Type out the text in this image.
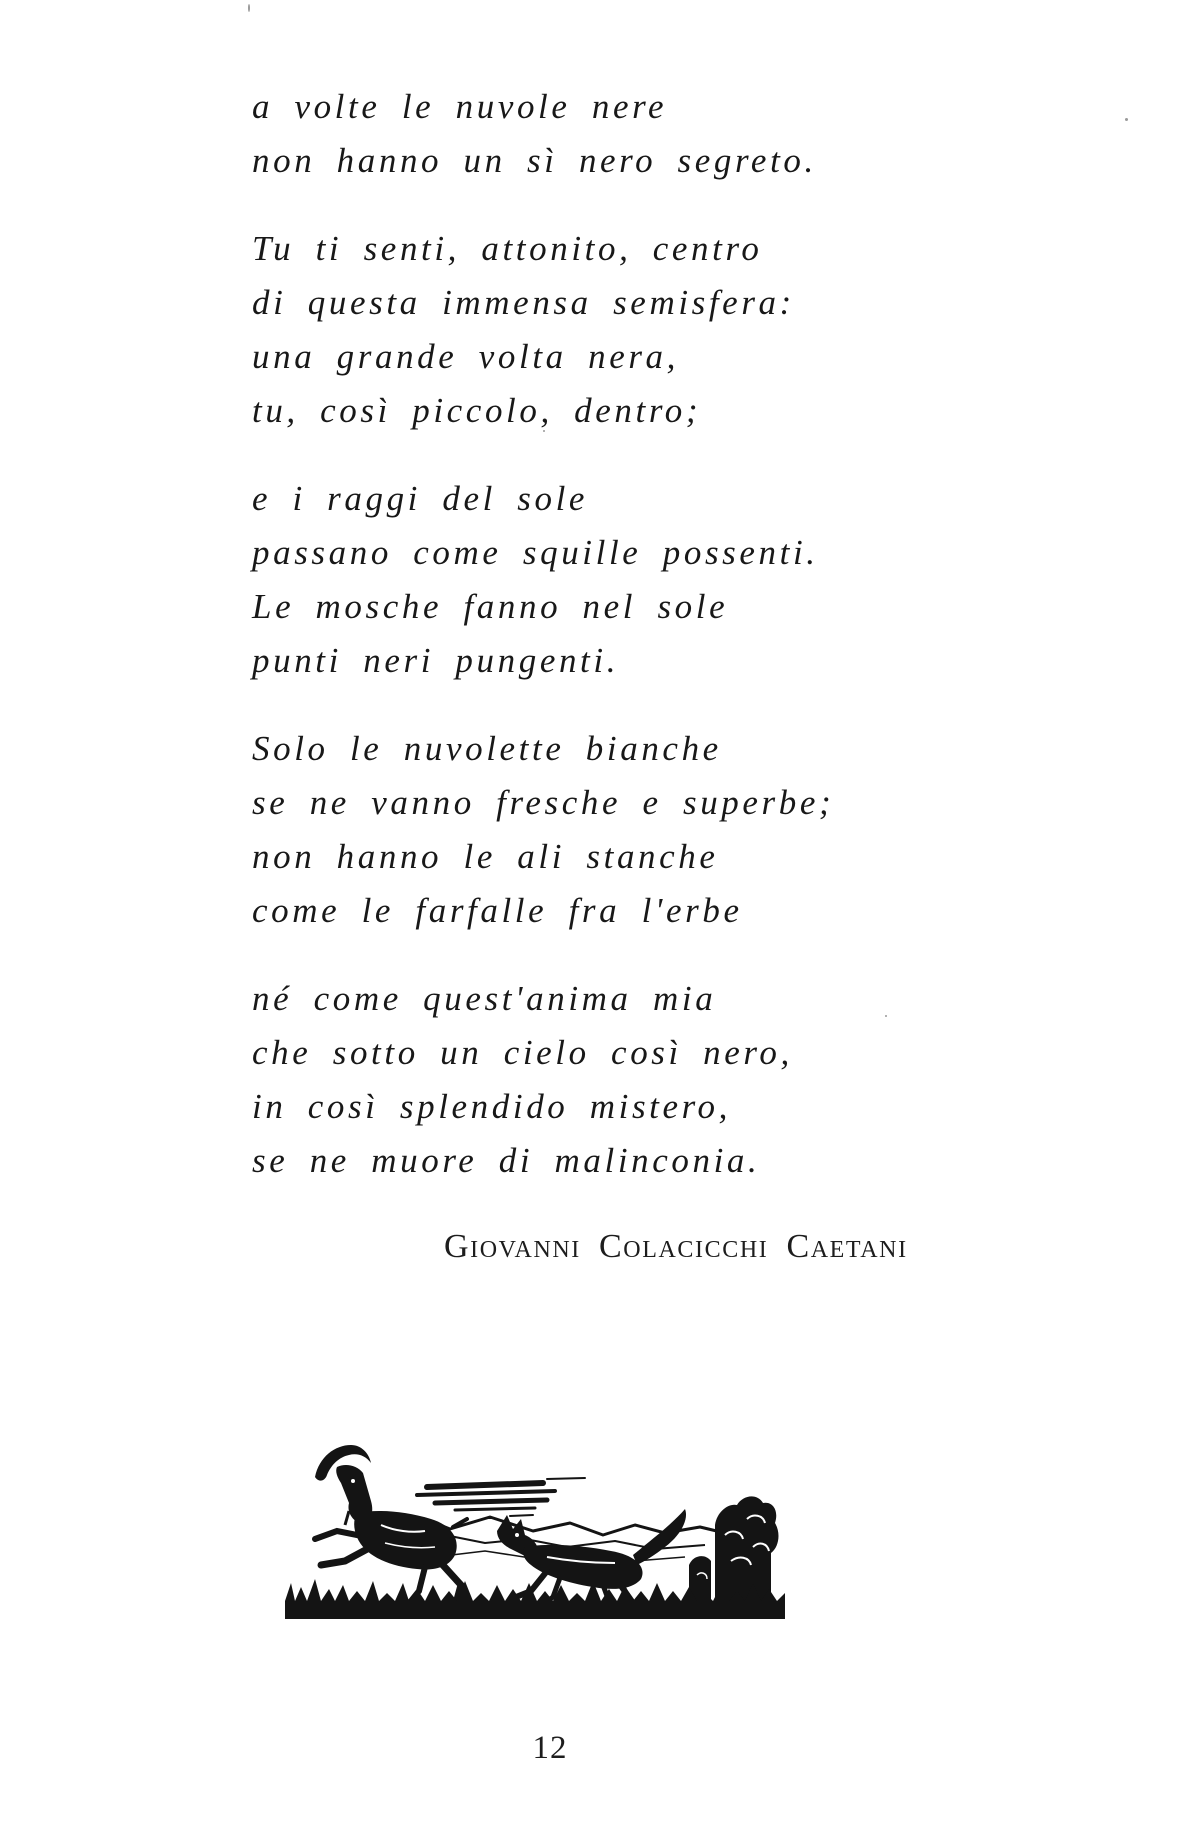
a volte le nuvole nere
non hanno un sì nero segreto.
Tu ti senti, attonito, centro
di questa immensa semisfera:
una grande volta nera,
tu, così piccolo, dentro;
e i raggi del sole
passano come squille possenti.
Le mosche fanno nel sole
punti neri pungenti.
Solo le nuvolette bianche
se ne vanno fresche e superbe;
non hanno le ali stanche
come le farfalle fra l'erbe
né come quest'anima mia
che sotto un cielo così nero,
in così splendido mistero,
se ne muore di malinconia.
Giovanni Colacicchi Caetani
12
